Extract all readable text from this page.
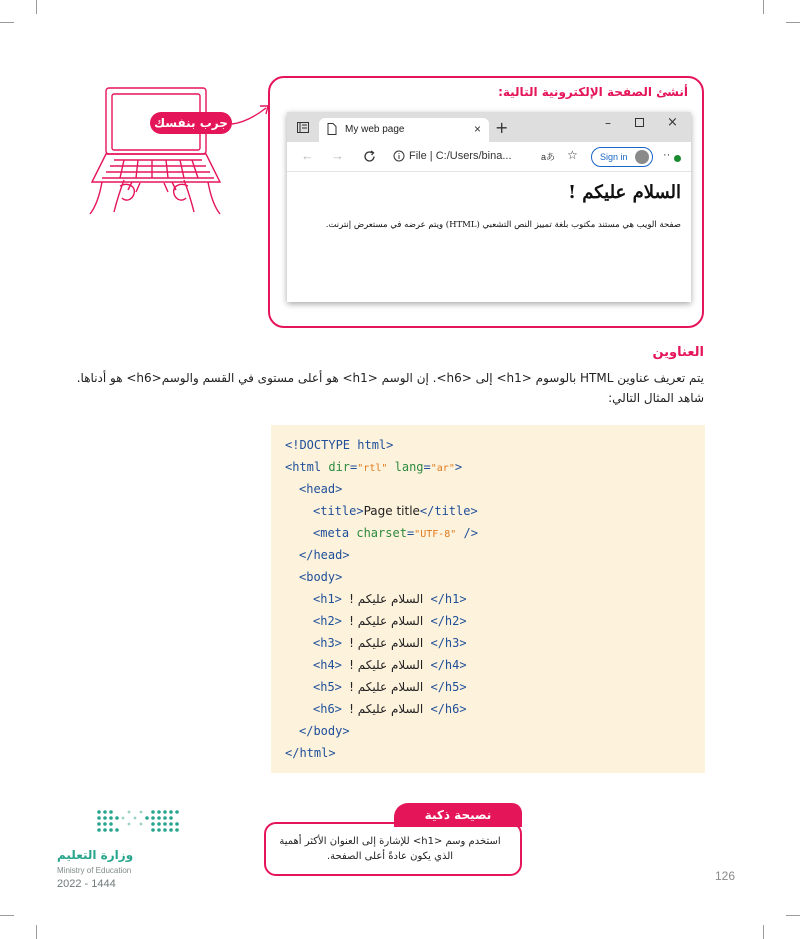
جرب بنفسك
أنشئ الصفحة الإلكترونية التالية:
My web page	× +	–	×
← →	File | C:/Users/bina...	aあ ☆ Sign in	··
السلام عليكم !
صفحة الويب هي مستند مكتوب بلغة تمييز النص التشعبي (HTML) ويتم عرضه في مستعرض إنترنت.
العناوين
يتم تعريف عناوين HTML بالوسوم <h1> إلى <h6>. إن الوسم <h1> هو أعلى مستوى في القسم والوسم<h6> هو أدناها. شاهد المثال التالي:
<!DOCTYPE html>
<html dir="rtl" lang="ar">
<head>
<title>Page title</title>
<meta charset="UTF-8" />
</head>
<body>
<h1> السلام عليكم ! </h1>
<h2> السلام عليكم ! </h2>
<h3> السلام عليكم ! </h3>
<h4> السلام عليكم ! </h4>
<h5> السلام عليكم ! </h5>
<h6> السلام عليكم ! </h6>
</body>
</html>
استخدم وسم <h1> للإشارة إلى العنوان الأكثر أهمية الذي يكون عادةً أعلى الصفحة.
نصيحة ذكية
وزارة التعليم
Ministry of Education
2022 - 1444
126
